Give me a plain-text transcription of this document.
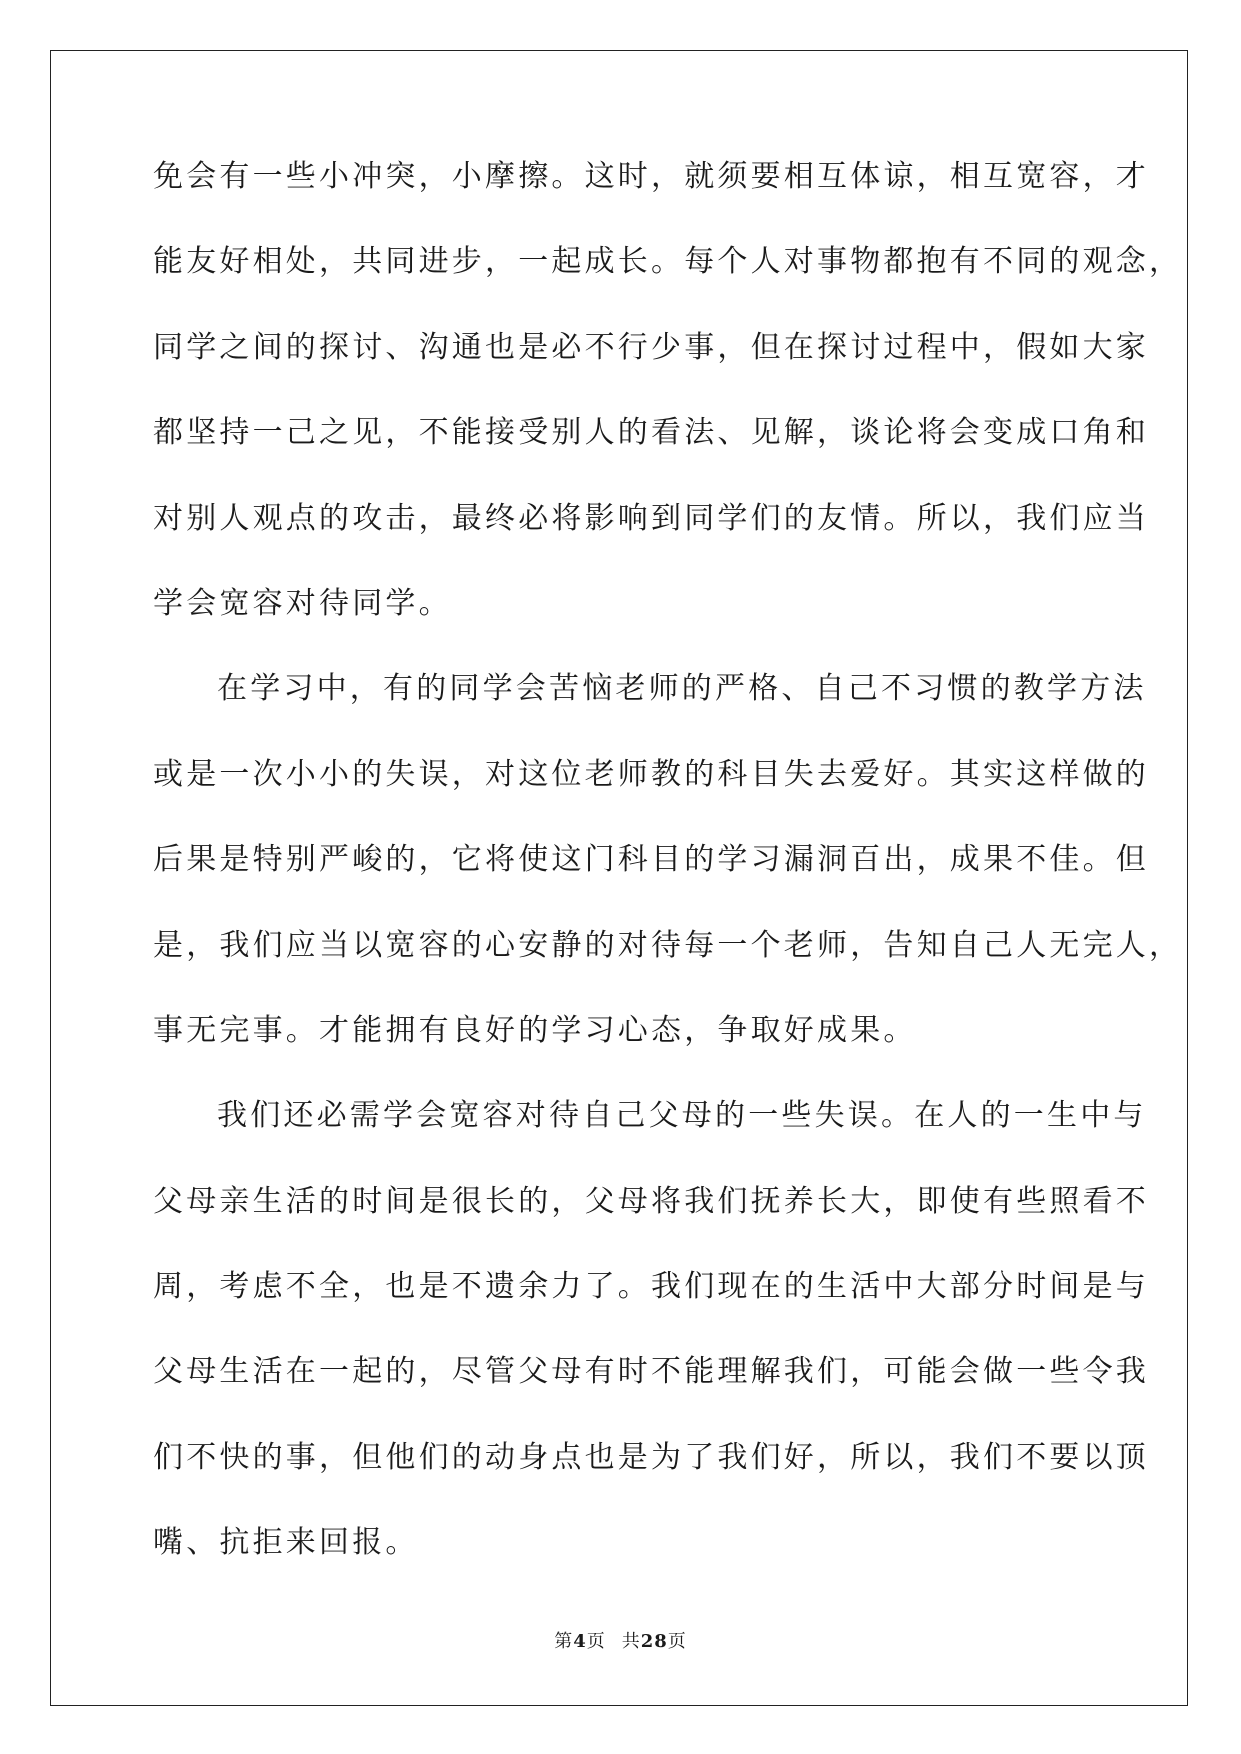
免会有一些小冲突，小摩擦。这时，就须要相互体谅，相互宽容，才
能友好相处，共同进步，一起成长。每个人对事物都抱有不同的观念，
同学之间的探讨、沟通也是必不行少事，但在探讨过程中，假如大家
都坚持一己之见，不能接受别人的看法、见解，谈论将会变成口角和
对别人观点的攻击，最终必将影响到同学们的友情。所以，我们应当
学会宽容对待同学。
在学习中，有的同学会苦恼老师的严格、自己不习惯的教学方法
或是一次小小的失误，对这位老师教的科目失去爱好。其实这样做的
后果是特别严峻的，它将使这门科目的学习漏洞百出，成果不佳。但
是，我们应当以宽容的心安静的对待每一个老师，告知自己人无完人，
事无完事。才能拥有良好的学习心态，争取好成果。
我们还必需学会宽容对待自己父母的一些失误。在人的一生中与
父母亲生活的时间是很长的，父母将我们抚养长大，即使有些照看不
周，考虑不全，也是不遗余力了。我们现在的生活中大部分时间是与
父母生活在一起的，尽管父母有时不能理解我们，可能会做一些令我
们不快的事，但他们的动身点也是为了我们好，所以，我们不要以顶
嘴、抗拒来回报。
第4页 共28页
